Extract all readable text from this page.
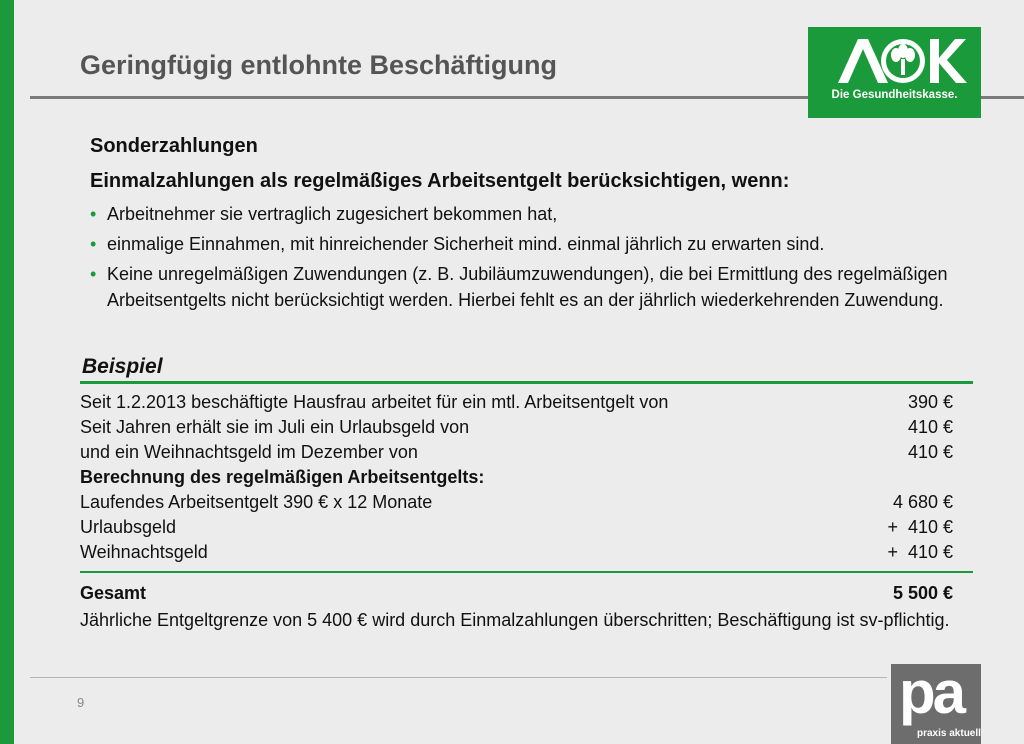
Geringfügig entlohnte Beschäftigung
Die Gesundheitskasse.
Sonderzahlungen
Einmalzahlungen als regelmäßiges Arbeitsentgelt berücksichtigen, wenn:
• Arbeitnehmer sie vertraglich zugesichert bekommen hat,
• einmalige Einnahmen, mit hinreichender Sicherheit mind. einmal jährlich zu erwarten sind.
• Keine unregelmäßigen Zuwendungen (z. B. Jubiläumzuwendungen), die bei Ermittlung des regelmäßigen Arbeitsentgelts nicht berücksichtigt werden. Hierbei fehlt es an der jährlich wiederkehrenden Zuwendung.
Beispiel
Seit 1.2.2013 beschäftigte Hausfrau arbeitet für ein mtl. Arbeitsentgelt von	390 €
Seit Jahren erhält sie im Juli ein Urlaubsgeld von	410 €
und ein Weihnachtsgeld im Dezember von	410 €
Berechnung des regelmäßigen Arbeitsentgelts:
Laufendes Arbeitsentgelt 390 € x 12 Monate	4 680 €
Urlaubsgeld	+  410 €
Weihnachtsgeld	+  410 €
Gesamt	5 500 €
Jährliche Entgeltgrenze von 5 400 € wird durch Einmalzahlungen überschritten; Beschäftigung ist sv-pflichtig.
9	pa
praxis aktuell
